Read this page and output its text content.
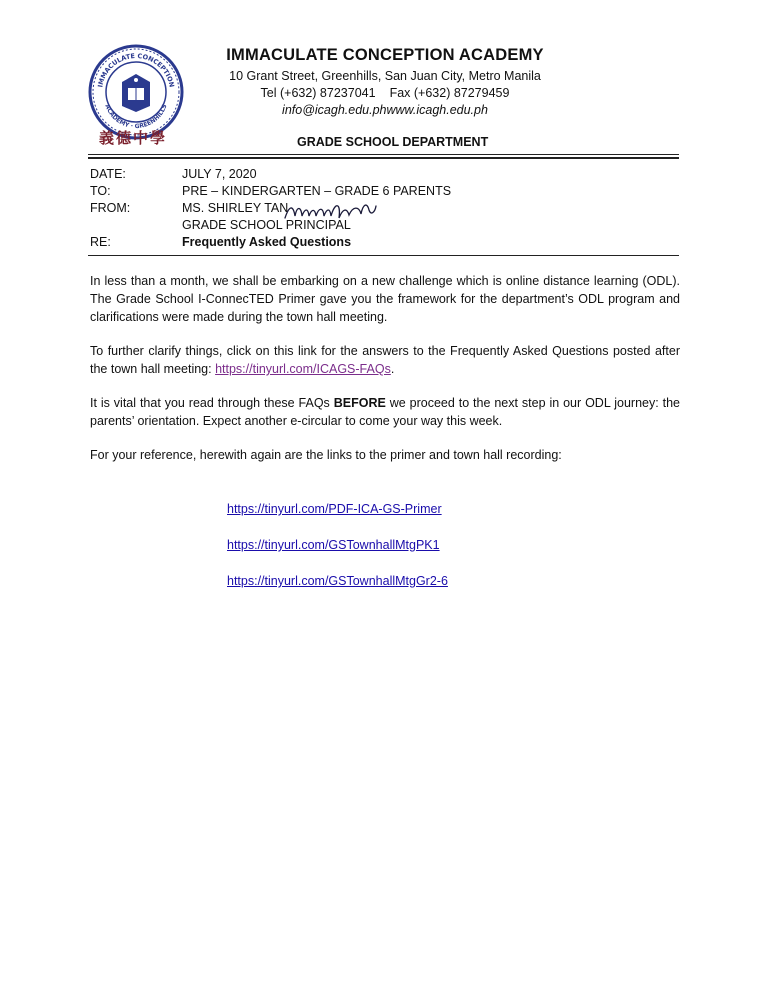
IMMACULATE CONCEPTION
ACADEMY · GREENHILLS
義德中學
IMMACULATE CONCEPTION ACADEMY
10 Grant Street, Greenhills, San Juan City, Metro Manila
Tel (+632) 87237041 Fax (+632) 87279459
info@icagh.edu.phwww.icagh.edu.ph
GRADE SCHOOL DEPARTMENT
DATE:	JULY 7, 2020
TO:	PRE – KINDERGARTEN – GRADE 6 PARENTS
FROM:	MS. SHIRLEY TAN
GRADE SCHOOL PRINCIPAL
RE:	Frequently Asked Questions

In less than a month, we shall be embarking on a new challenge which is online distance learning (ODL). The Grade School I-ConnecTED Primer gave you the framework for the department’s ODL program and clarifications were made during the town hall meeting.

To further clarify things, click on this link for the answers to the Frequently Asked Questions posted after the town hall meeting: https://tinyurl.com/ICAGS-FAQs.

It is vital that you read through these FAQs BEFORE we proceed to the next step in our ODL journey: the parents’ orientation. Expect another e-circular to come your way this week.

For your reference, herewith again are the links to the primer and town hall recording:

https://tinyurl.com/PDF-ICA-GS-Primer
https://tinyurl.com/GSTownhallMtgPK1
https://tinyurl.com/GSTownhallMtgGr2-6
